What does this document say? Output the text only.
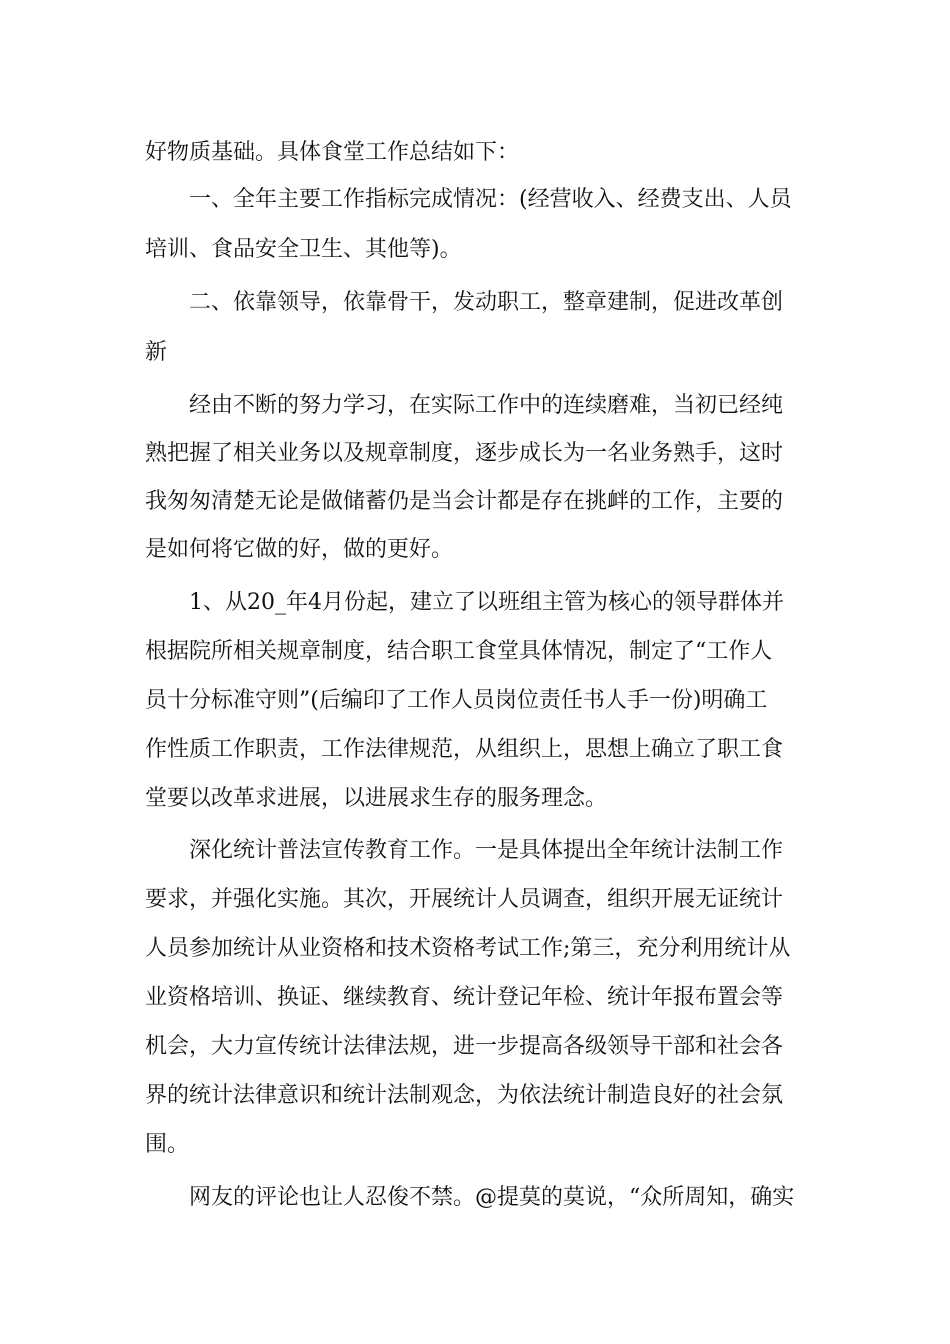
好物质基础。具体食堂工作总结如下：
一、全年主要工作指标完成情况：(经营收入、经费支出、人员
培训、食品安全卫生、其他等)。
二、依靠领导，依靠骨干，发动职工，整章建制，促进改革创
新
经由不断的努力学习，在实际工作中的连续磨难，当初已经纯
熟把握了相关业务以及规章制度，逐步成长为一名业务熟手，这时
我匆匆清楚无论是做储蓄仍是当会计都是存在挑衅的工作，主要的
是如何将它做的好，做的更好。
1、从20_年4月份起，建立了以班组主管为核心的领导群体并
根据院所相关规章制度，结合职工食堂具体情况，制定了“工作人
员十分标准守则”(后编印了工作人员岗位责任书人手一份)明确工
作性质工作职责，工作法律规范，从组织上，思想上确立了职工食
堂要以改革求进展，以进展求生存的服务理念。
深化统计普法宣传教育工作。一是具体提出全年统计法制工作
要求，并强化实施。其次，开展统计人员调查，组织开展无证统计
人员参加统计从业资格和技术资格考试工作;第三，充分利用统计从
业资格培训、换证、继续教育、统计登记年检、统计年报布置会等
机会，大力宣传统计法律法规，进一步提高各级领导干部和社会各
界的统计法律意识和统计法制观念，为依法统计制造良好的社会氛
围。
网友的评论也让人忍俊不禁。@提莫的莫说，“众所周知，确实
